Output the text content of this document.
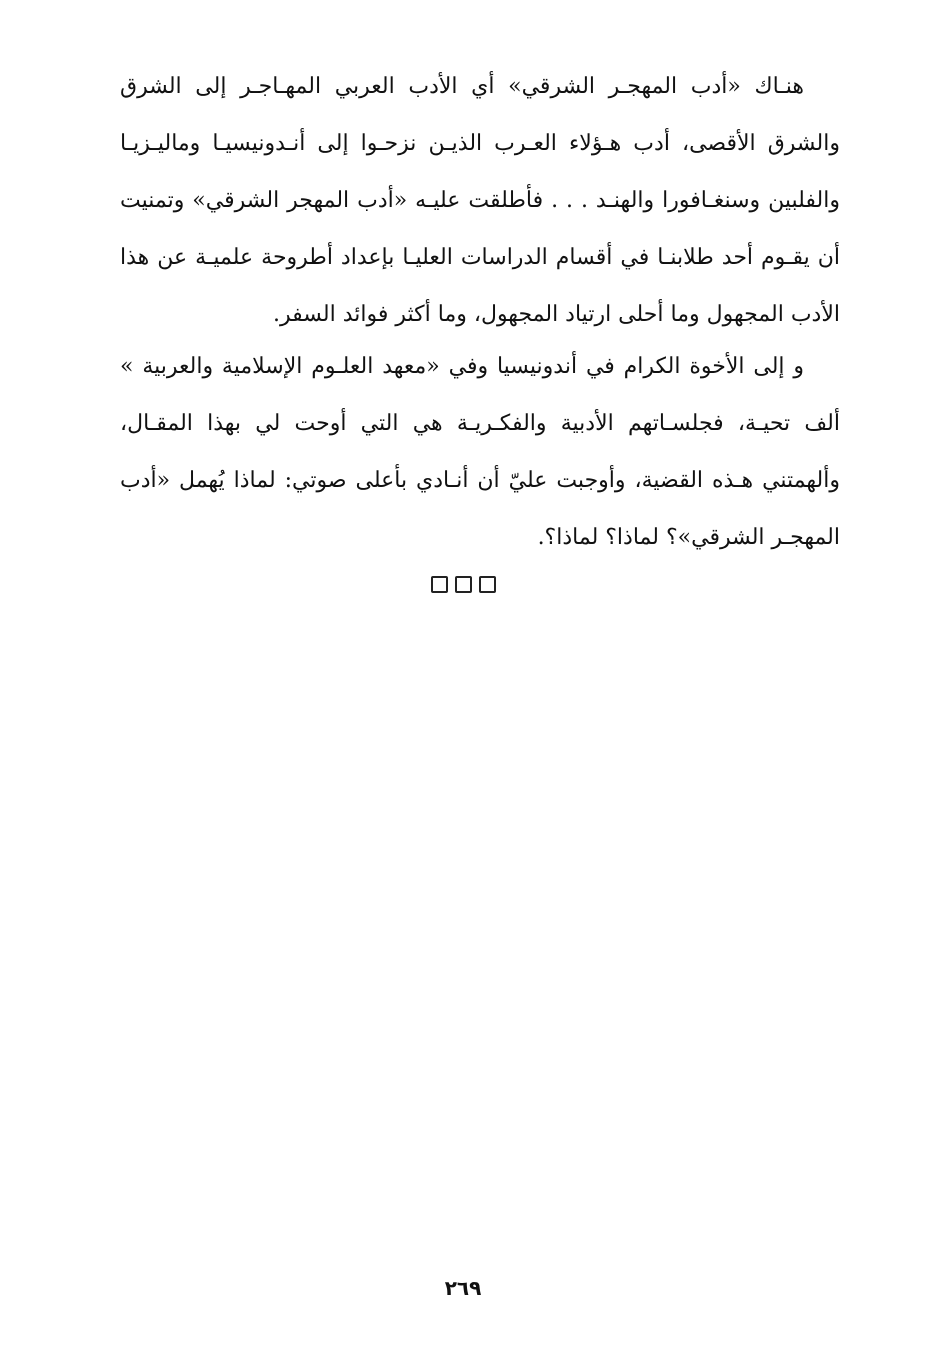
هنـاك «أدب المهجـر الشرقي» أي الأدب العربي المهـاجـر إلى الشرق والشرق الأقصى، أدب هـؤلاء العـرب الذيـن نزحـوا إلى أنـدونيسيـا وماليـزيـا والفلبين وسنغـافورا والهنـد . . . فأطلقت عليـه «أدب المهجر الشرقي» وتمنيت أن يقـوم أحد طلابنـا في أقسام الدراسات العليـا بإعداد أطروحة علميـة عن هذا الأدب المجهول وما أحلى ارتياد المجهول، وما أكثر فوائد السفر.

و إلى الأخوة الكرام في أندونيسيا وفي «معهد العلـوم الإسلامية والعربية » ألف تحيـة، فجلسـاتهم الأدبية والفكـريـة هي التي أوحت لي بهذا المقـال، وألهمتني هـذه القضية، وأوجبت عليّ أن أنـادي بأعلى صوتي: لماذا يُهمل «أدب المهجـر الشرقي»؟ لماذا؟ لماذا؟.

٢٦٩
